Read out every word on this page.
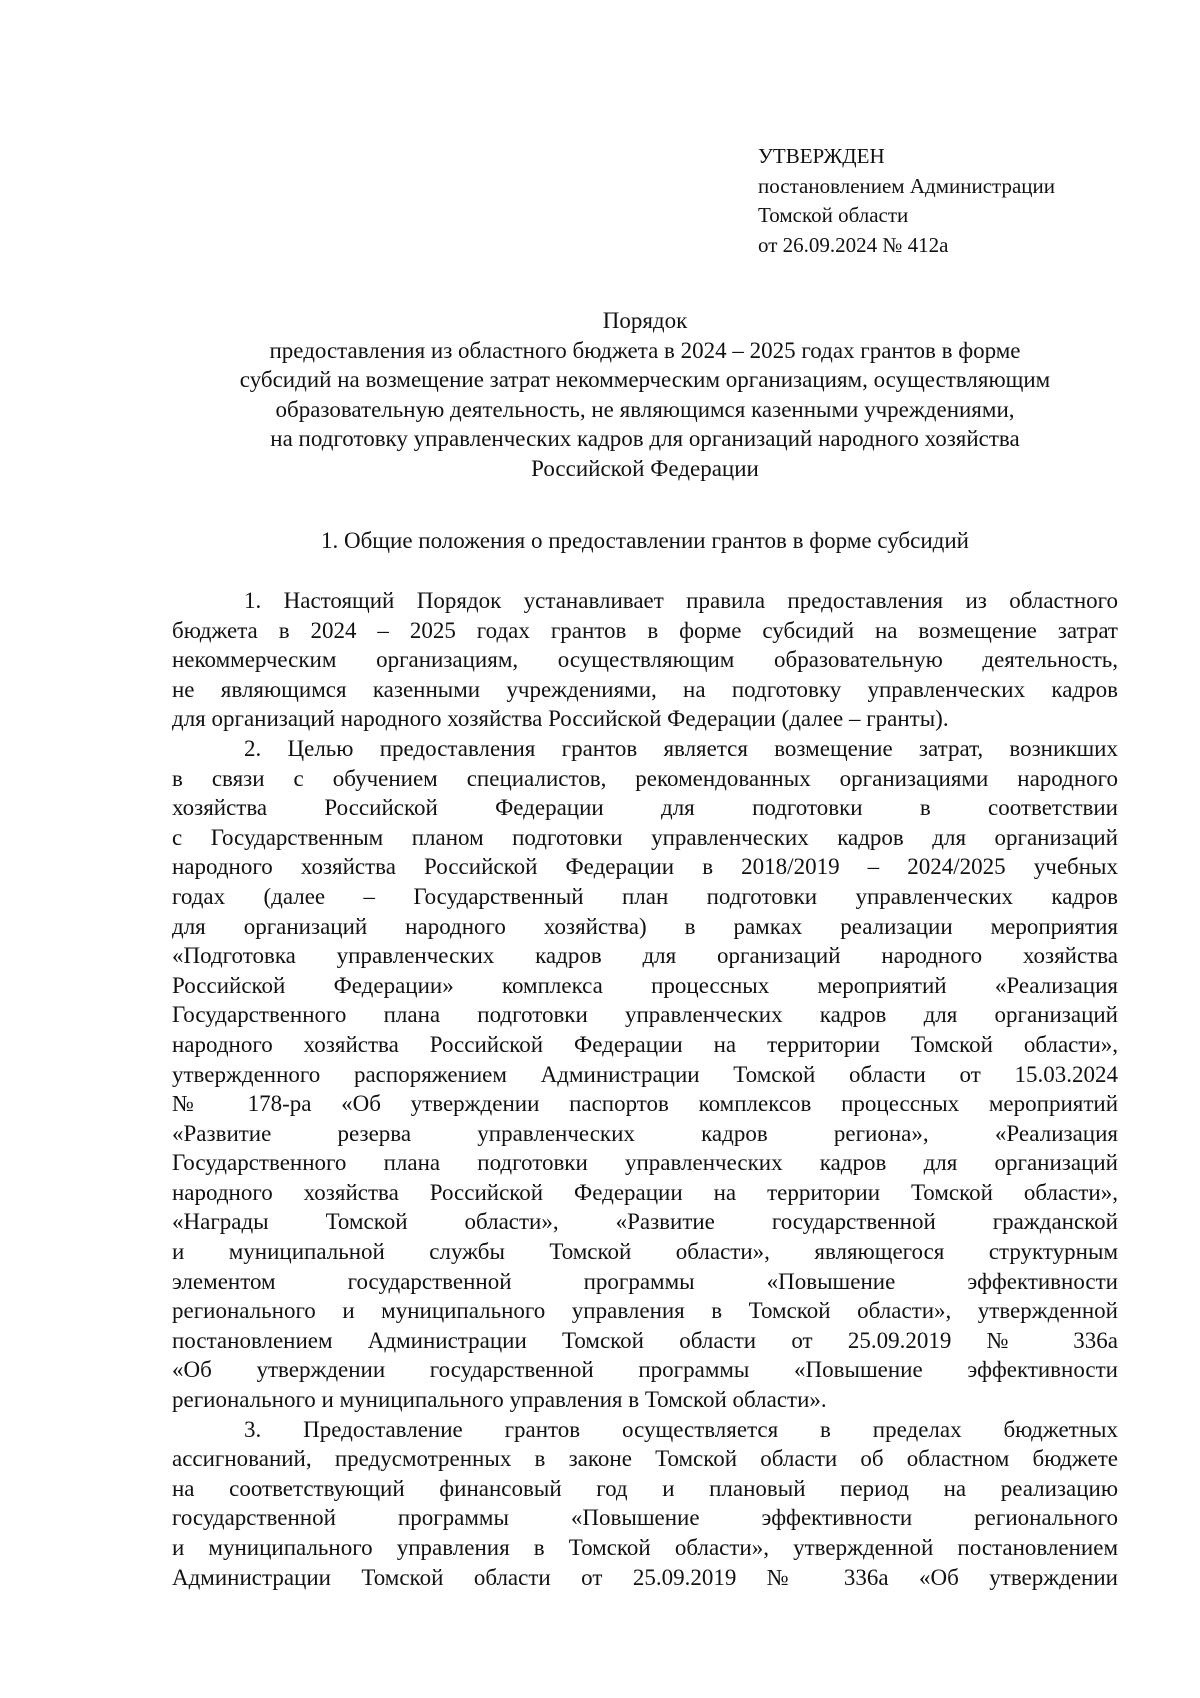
УТВЕРЖДЕН
постановлением Администрации
Томской области
от 26.09.2024 № 412а
Порядок
предоставления из областного бюджета в 2024 – 2025 годах грантов в форме
субсидий на возмещение затрат некоммерческим организациям, осуществляющим
образовательную деятельность, не являющимся казенными учреждениями,
на подготовку управленческих кадров для организаций народного хозяйства
Российской Федерации
1. Общие положения о предоставлении грантов в форме субсидий
1. Настоящий Порядок устанавливает правила предоставления из областного
бюджета в 2024 – 2025 годах грантов в форме субсидий на возмещение затрат
некоммерческим организациям, осуществляющим образовательную деятельность,
не являющимся казенными учреждениями, на подготовку управленческих кадров
для организаций народного хозяйства Российской Федерации (далее – гранты).
2. Целью предоставления грантов является возмещение затрат, возникших
в связи с обучением специалистов, рекомендованных организациями народного
хозяйства Российской Федерации для подготовки в соответствии
с Государственным планом подготовки управленческих кадров для организаций
народного хозяйства Российской Федерации в 2018/2019 – 2024/2025 учебных
годах (далее – Государственный план подготовки управленческих кадров
для организаций народного хозяйства) в рамках реализации мероприятия
«Подготовка управленческих кадров для организаций народного хозяйства
Российской Федерации» комплекса процессных мероприятий «Реализация
Государственного плана подготовки управленческих кадров для организаций
народного хозяйства Российской Федерации на территории Томской области»,
утвержденного распоряжением Администрации Томской области от 15.03.2024
№ 178-ра «Об утверждении паспортов комплексов процессных мероприятий
«Развитие резерва управленческих кадров региона», «Реализация
Государственного плана подготовки управленческих кадров для организаций
народного хозяйства Российской Федерации на территории Томской области»,
«Награды Томской области», «Развитие государственной гражданской
и муниципальной службы Томской области», являющегося структурным
элементом государственной программы «Повышение эффективности
регионального и муниципального управления в Томской области», утвержденной
постановлением Администрации Томской области от 25.09.2019 № 336а
«Об утверждении государственной программы «Повышение эффективности
регионального и муниципального управления в Томской области».
3. Предоставление грантов осуществляется в пределах бюджетных
ассигнований, предусмотренных в законе Томской области об областном бюджете
на соответствующий финансовый год и плановый период на реализацию
государственной программы «Повышение эффективности регионального
и муниципального управления в Томской области», утвержденной постановлением
Администрации Томской области от 25.09.2019 № 336а «Об утверждении
